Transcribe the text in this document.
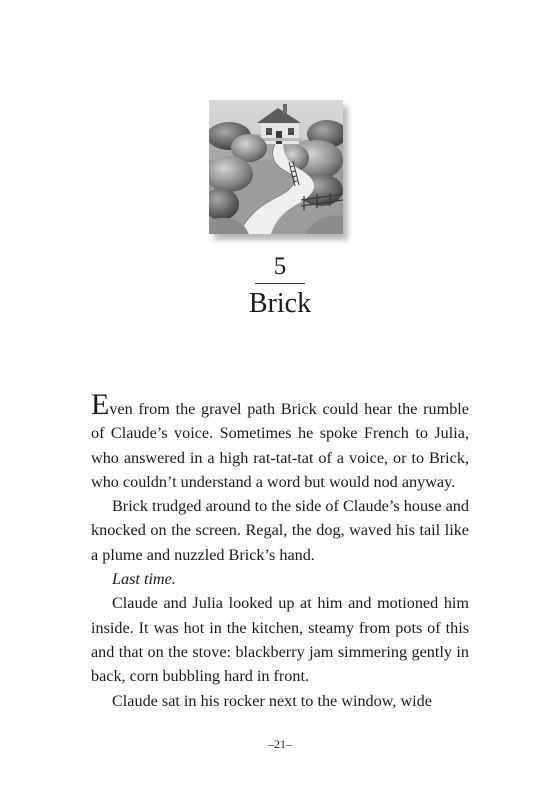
5
Brick

Even from the gravel path Brick could hear the rumble of Claude’s voice. Sometimes he spoke French to Julia, who answered in a high rat-tat-tat of a voice, or to Brick, who couldn’t understand a word but would nod anyway.

Brick trudged around to the side of Claude’s house and knocked on the screen. Regal, the dog, waved his tail like a plume and nuzzled Brick’s hand.

Last time.

Claude and Julia looked up at him and motioned him inside. It was hot in the kitchen, steamy from pots of this and that on the stove: blackberry jam simmering gently in back, corn bubbling hard in front.

Claude sat in his rocker next to the window, wide

–21–
